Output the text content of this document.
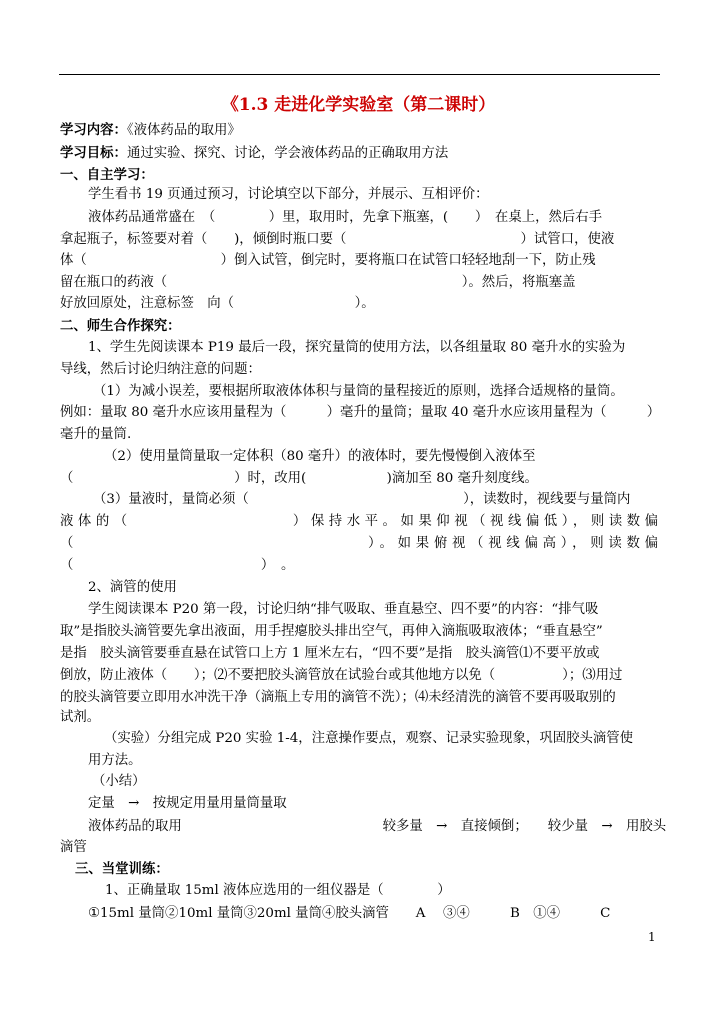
《1.3 走进化学实验室（第二课时）
学习内容：《液体药品的取用》
学习目标：通过实验、探究、讨论，学会液体药品的正确取用方法
一、自主学习：
学生看书 19 页通过预习，讨论填空以下部分，并展示、互相评价：
液体药品通常盛在　（　　　　）里，取用时，先拿下瓶塞，(　　）　在桌上，然后右手
拿起瓶子，标签要对着（　　)，倾倒时瓶口要（　　　　　　　　　　　　　）试管口，使液
体（　　　　　　　　　　）倒入试管，倒完时，要将瓶口在试管口轻轻地刮一下，防止残
留在瓶口的药液（　　　　　　　　　　　　　　　　　　　　　　）。然后，将瓶塞盖
好放回原处，注意标签　向（　　　　　　　　　）。
二、师生合作探究：
1、学生先阅读课本 P19 最后一段，探究量筒的使用方法，以各组量取 80 毫升水的实验为
导线，然后讨论归纳注意的问题：
（1）为减小误差，要根据所取液体体积与量筒的量程接近的原则，选择合适规格的量筒。
例如：量取 80 毫升水应该用量程为（　　　）毫升的量筒；量取 40 毫升水应该用量程为（　　　）
毫升的量筒.
（2）使用量筒量取一定体积（80 毫升）的液体时，要先慢慢倒入液体至
（　　　　　　　　　　　　）时，改用(　　　　　　)滴加至 80 毫升刻度线。
（3）量液时，量筒必须（　　　　　　　　　　　　　　　　），读数时，视线要与量筒内
液体的（　　　　　　　　　）保持水平。如果仰视（视线偏低），则读数偏
（　　　　　　　　　　　　　　　　）。如果俯视（视线偏高），则读数偏
（　　　　　　　　　　　　　　）　。
2、滴管的使用
学生阅读课本 P20 第一段，讨论归纳“排气吸取、垂直悬空、四不要”的内容：“排气吸
取”是指胶头滴管要先拿出液面，用手捏瘪胶头排出空气，再伸入滴瓶吸取液体；“垂直悬空”
是指　胶头滴管要垂直悬在试管口上方 1 厘米左右，“四不要”是指　胶头滴管⑴不要平放或
倒放，防止液体（　　）；⑵不要把胶头滴管放在试验台或其他地方以免（　　　　　）；⑶用过
的胶头滴管要立即用水冲洗干净（滴瓶上专用的滴管不洗）；⑷未经清洗的滴管不要再吸取别的
试剂。
（实验）分组完成 P20 实验 1-4，注意操作要点，观察、记录实验现象，巩固胶头滴管使
用方法。
（小结）
定量　→　按规定用量用量筒量取
液体药品的取用　　　　　　　　　　　　　　　较多量　→　直接倾倒；　　较少量　→　用胶头
滴管
三、当堂训练：
1、正确量取 15ml 液体应选用的一组仪器是（　　　　）
①15ml 量筒②10ml 量筒③20ml 量筒④胶头滴管　　A　 ③④　　　B　①④　　　C
1
